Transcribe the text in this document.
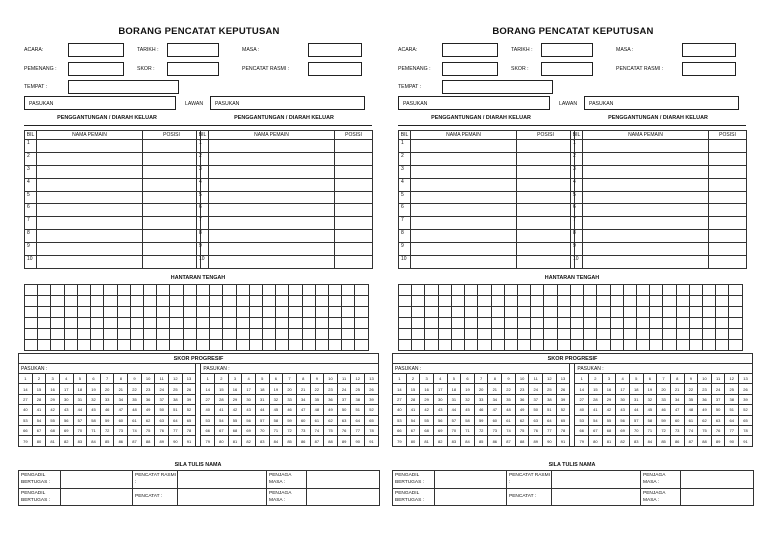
BORANG PENCATAT KEPUTUSAN
ACARA:	TARIKH :	MASA :
PEMENANG :	SKOR :	PENCATAT RASMI :
TEMPAT :
PASUKAN	LAWAN PASUKAN
PENGGANTUNGAN / DIARAH KELUAR	PENGGANTUNGAN / DIARAH KELUAR
BIL	NAMA PEMAIN	POSISI
1		
2		
3		
4		
5		
6		
7		
8		
9		
10		
BIL	NAMA PEMAIN	POSISI
1		
2		
3		
4		
5		
6		
7		
8		
9		
10		
HANTARAN TENGAH

SKOR PROGRESIF																										
PASUKAN :														PASUKAN :												
1	2	3	4	5	6	7	8	9	10	11	12	13		1	2	3	4	5	6	7	8	9	10	11	12	13
14	15	16	17	18	19	20	21	22	23	24	25	26		14	15	16	17	18	19	20	21	22	23	24	25	26
27	28	29	30	31	32	33	34	35	36	37	38	39		27	28	29	30	31	32	33	34	35	36	37	38	39
40	41	42	43	44	45	46	47	48	49	50	51	52		40	41	42	43	44	45	46	47	48	49	50	51	52
53	54	55	56	57	58	59	60	61	62	63	64	65		53	54	55	56	57	58	59	60	61	62	63	64	65
66	67	68	69	70	71	72	73	74	75	76	77	78		66	67	68	69	70	71	72	73	74	75	76	77	78
79	80	81	82	83	84	85	86	87	88	89	90	91		79	80	81	82	83	84	85	86	87	88	89	90	91
SILA TULIS NAMA
PENGADIL BERTUGAS :		PENCATAT RASMI :		PENJAGA MASA :	
PENGADIL BERTUGAS :		PENCATAT :		PENJAGA MASA :	
BORANG PENCATAT KEPUTUSAN
ACARA:	TARIKH :	MASA :
PEMENANG :	SKOR :	PENCATAT RASMI :
TEMPAT :
PASUKAN	LAWAN PASUKAN
PENGGANTUNGAN / DIARAH KELUAR	PENGGANTUNGAN / DIARAH KELUAR
BIL	NAMA PEMAIN	POSISI
1		
2		
3		
4		
5		
6		
7		
8		
9		
10		
BIL	NAMA PEMAIN	POSISI
1		
2		
3		
4		
5		
6		
7		
8		
9		
10		
HANTARAN TENGAH

SKOR PROGRESIF																										
PASUKAN :														PASUKAN :												
1	2	3	4	5	6	7	8	9	10	11	12	13		1	2	3	4	5	6	7	8	9	10	11	12	13
14	15	16	17	18	19	20	21	22	23	24	25	26		14	15	16	17	18	19	20	21	22	23	24	25	26
27	28	29	30	31	32	33	34	35	36	37	38	39		27	28	29	30	31	32	33	34	35	36	37	38	39
40	41	42	43	44	45	46	47	48	49	50	51	52		40	41	42	43	44	45	46	47	48	49	50	51	52
53	54	55	56	57	58	59	60	61	62	63	64	65		53	54	55	56	57	58	59	60	61	62	63	64	65
66	67	68	69	70	71	72	73	74	75	76	77	78		66	67	68	69	70	71	72	73	74	75	76	77	78
79	80	81	82	83	84	85	86	87	88	89	90	91		79	80	81	82	83	84	85	86	87	88	89	90	91
SILA TULIS NAMA
PENGADIL BERTUGAS :		PENCATAT RASMI :		PENJAGA MASA :	
PENGADIL BERTUGAS :		PENCATAT :		PENJAGA MASA :	
